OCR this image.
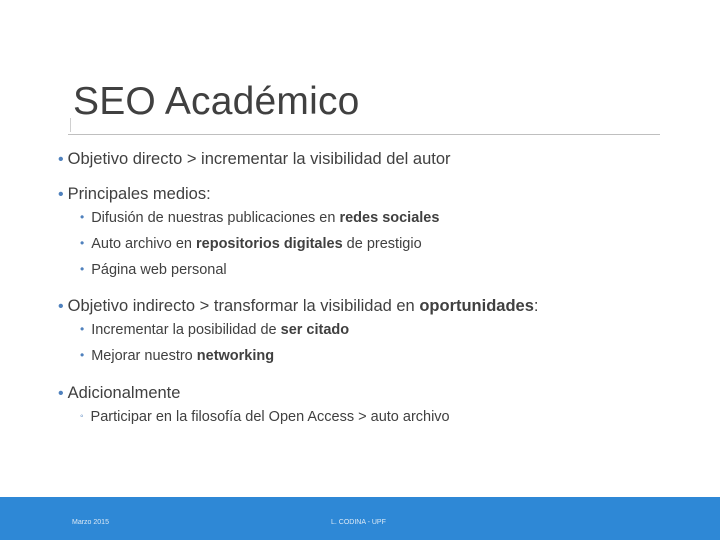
SEO Académico
• Objetivo directo > incrementar la visibilidad del autor
• Principales medios:
• Difusión de nuestras publicaciones en redes sociales
• Auto archivo en repositorios digitales de prestigio
• Página web personal
• Objetivo indirecto > transformar la visibilidad en oportunidades:
• Incrementar la posibilidad de ser citado
• Mejorar nuestro networking
• Adicionalmente
◦ Participar en la filosofía del Open Access > auto archivo
Marzo 2015	L. CODINA - UPF
